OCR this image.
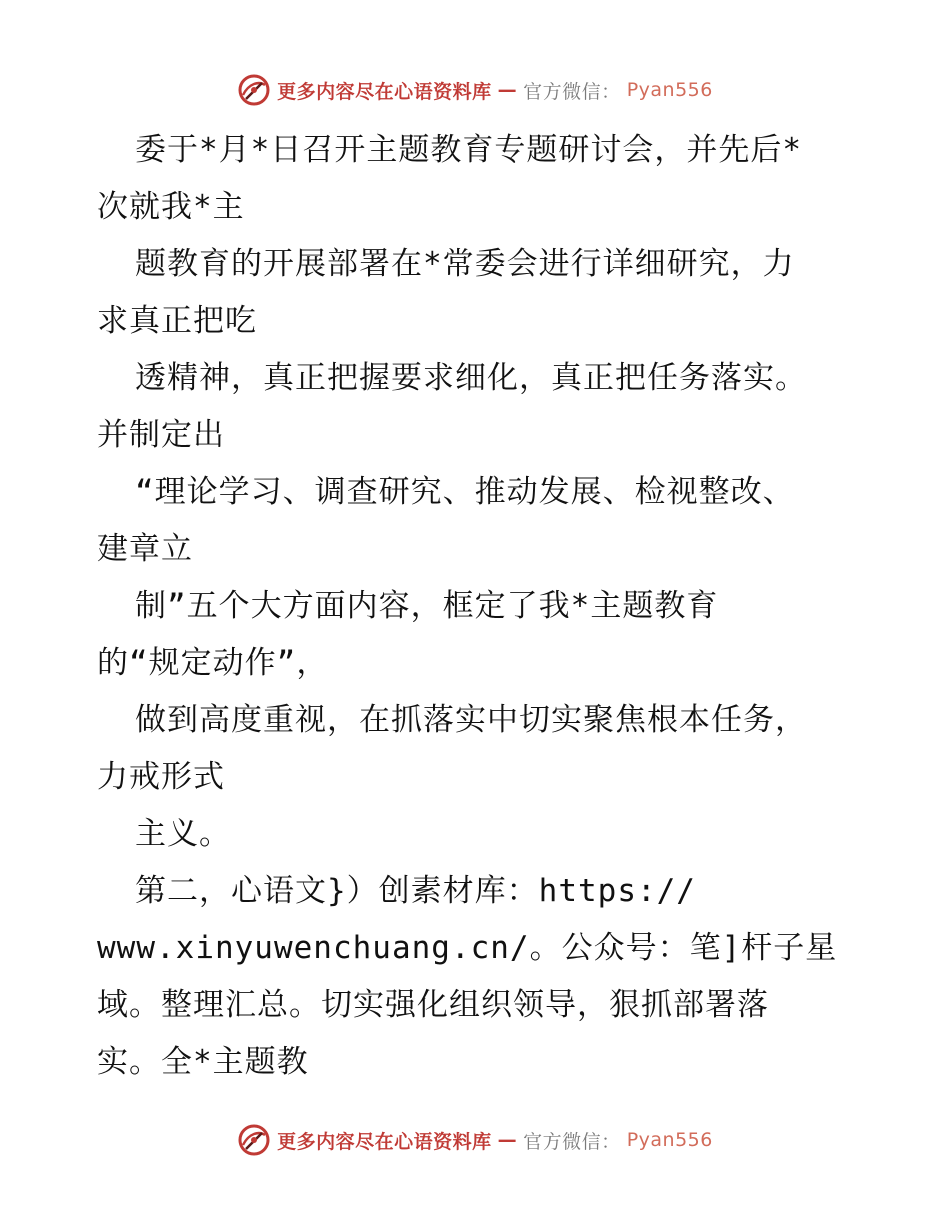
更多内容尽在心语资料库 — 官方微信： Pyan556
委于*月*日召开主题教育专题研讨会，并先后*
次就我*主
题教育的开展部署在*常委会进行详细研究，力
求真正把吃
透精神，真正把握要求细化，真正把任务落实。
并制定出
“理论学习、调查研究、推动发展、检视整改、
建章立
制”五个大方面内容，框定了我*主题教育
的“规定动作”，
做到高度重视，在抓落实中切实聚焦根本任务，
力戒形式
主义。
第二，心语文}）创素材库：https://
www.xinyuwenchuang.cn/。公众号：笔]杆子星
域。整理汇总。切实强化组织领导，狠抓部署落
实。全*主题教
更多内容尽在心语资料库 — 官方微信： Pyan556
